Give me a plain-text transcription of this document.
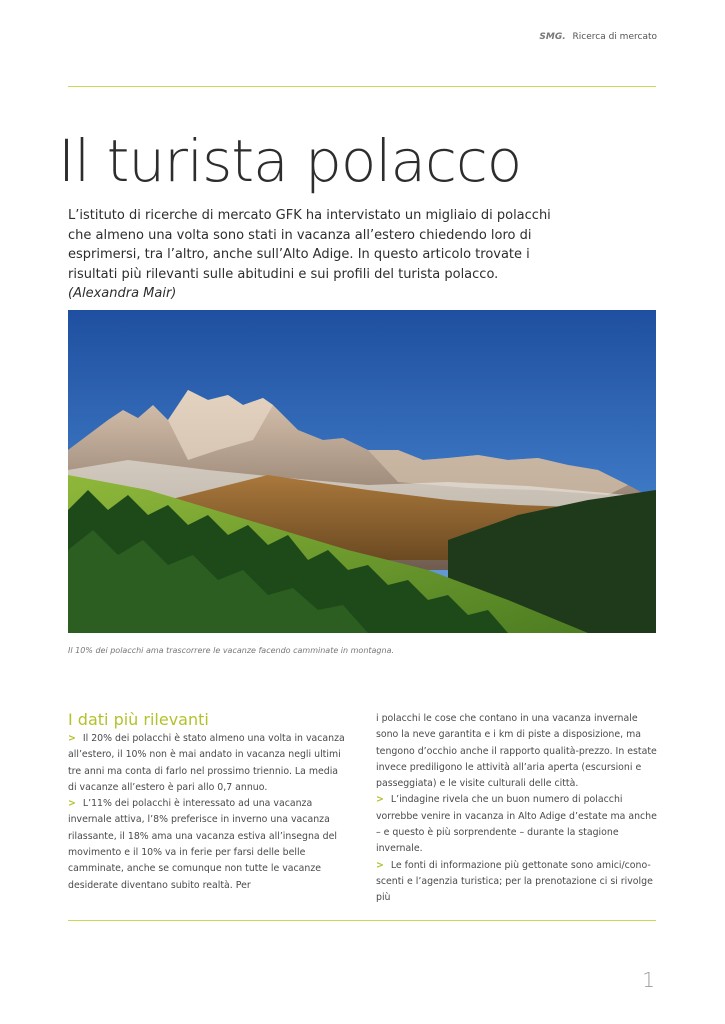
SMG. Ricerca di mercato
Il turista polacco
L’istituto di ricerche di mercato GFK ha intervistato un migliaio di polacchi che almeno una volta sono stati in vacanza all’estero chiedendo loro di esprimersi, tra l’altro, anche sull’Alto Adige. In questo articolo trovate i risultati più rilevanti sulle abitudini e sui profili del turista polacco. (Alexandra Mair)
Il 10% dei polacchi ama trascorrere le vacanze facendo camminate in montagna.
I dati più rilevanti

> Il 20% dei polacchi è stato almeno una volta in vacanza all’estero, il 10% non è mai andato in vacanza negli ultimi tre anni ma conta di farlo nel prossimo triennio. La media di vacanze all’estero è pari allo 0,7 annuo.

> L’11% dei polacchi è interessato ad una vacanza invernale attiva, l’8% preferisce in inverno una vacanza rilassante, il 18% ama una vacanza estiva all’insegna del movimento e il 10% va in ferie per farsi delle belle camminate, anche se comunque non tutte le vacanze desiderate diventano subito realtà. Per

i polacchi le cose che contano in una vacanza invernale sono la neve garantita e i km di piste a disposizione, ma tengono d’occhio anche il rapporto qualità-prezzo. In estate invece prediligono le attività all’aria aperta (escursioni e passeggiata) e le visite culturali delle città.

> L’indagine rivela che un buon numero di polacchi vorrebbe venire in vacanza in Alto Adige d’estate ma anche – e questo è più sorprendente – durante la stagione invernale.

> Le fonti di informazione più gettonate sono amici/cono-scenti e l’agenzia turistica; per la prenotazione ci si rivolge più

1
